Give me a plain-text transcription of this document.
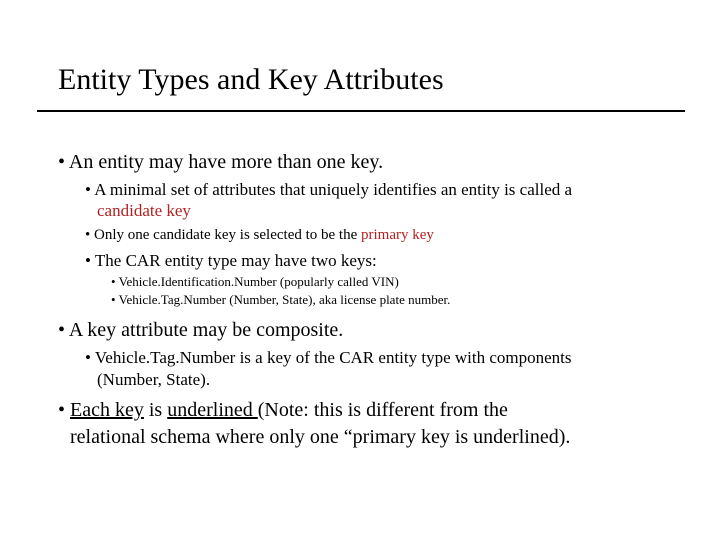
Entity Types and Key Attributes
• An entity may have more than one key.
• A minimal set of attributes that uniquely identifies an entity is called a
candidate key
• Only one candidate key is selected to be the primary key
• The CAR entity type may have two keys:
• Vehicle.Identification.Number (popularly called VIN)
• Vehicle.Tag.Number (Number, State), aka license plate number.
• A key attribute may be composite.
• Vehicle.Tag.Number is a key of the CAR entity type with components
(Number, State).
• Each key is underlined (Note: this is different from the
relational schema where only one “primary key is underlined).
